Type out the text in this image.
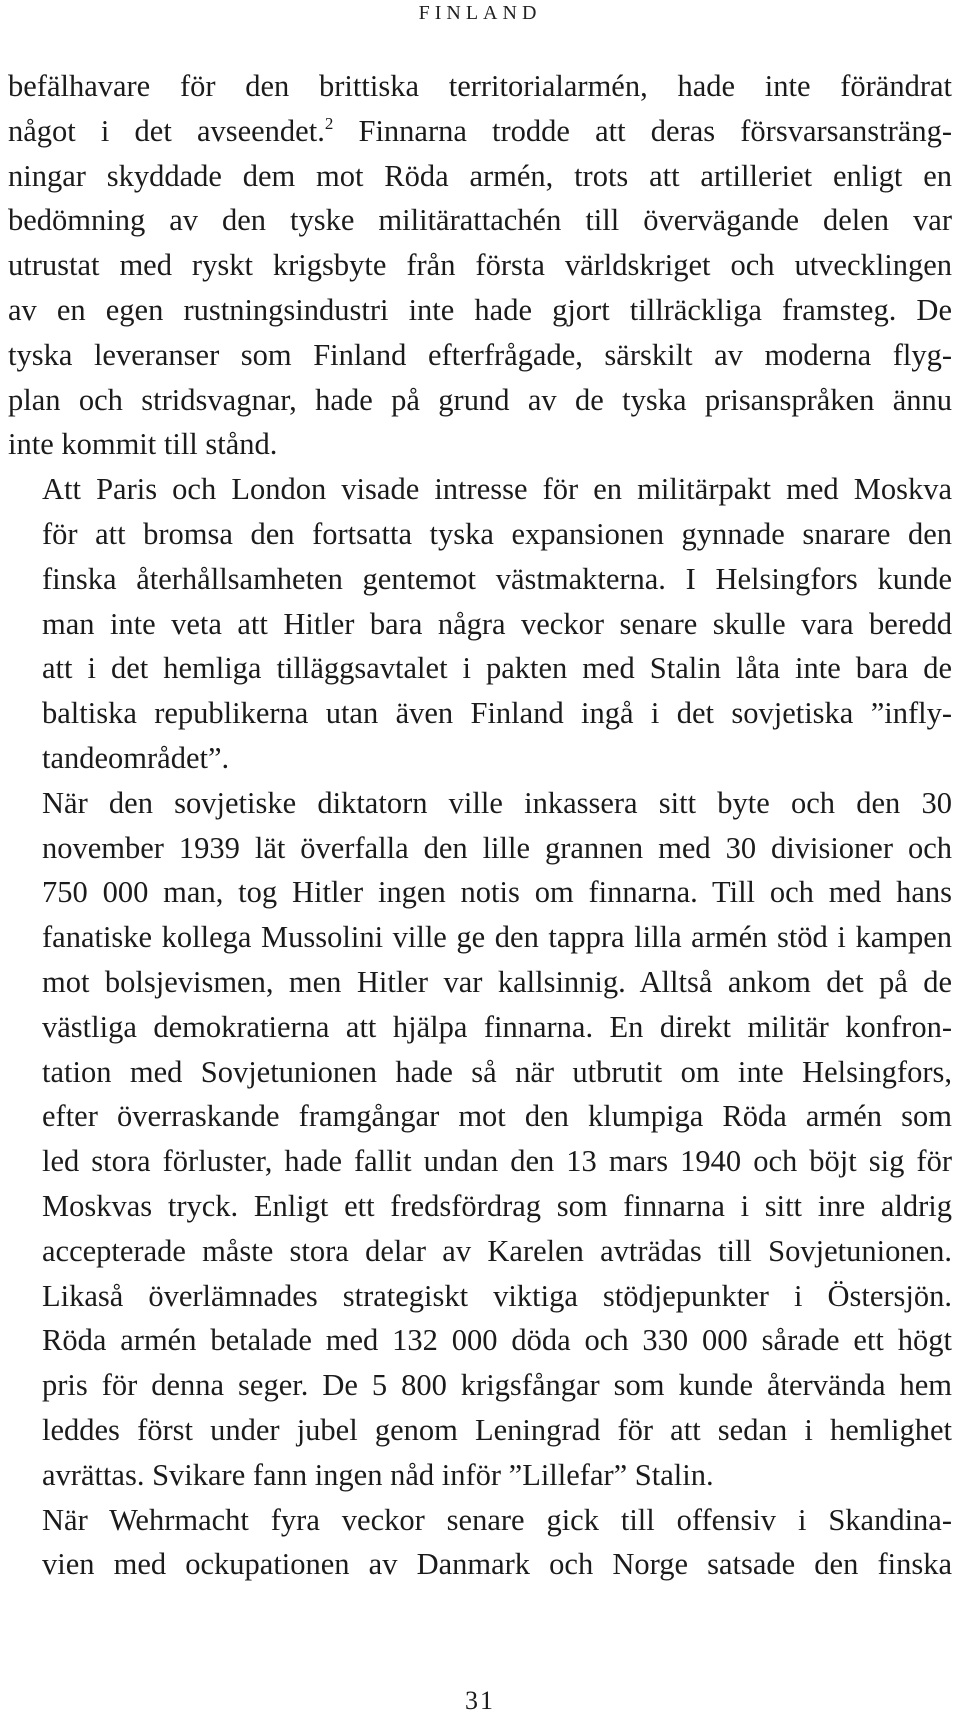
FINLAND

befälhavare för den brittiska territorialarmén, hade inte förändrat
något i det avseendet.$^2$ Finnarna trodde att deras försvarsansträng-
ningar skyddade dem mot Röda armén, trots att artilleriet enligt en
bedömning av den tyske militärattachén till övervägande delen var
utrustat med ryskt krigsbyte från första världskriget och utvecklingen
av en egen rustningsindustri inte hade gjort tillräckliga framsteg. De
tyska leveranser som Finland efterfrågade, särskilt av moderna flyg-
plan och stridsvagnar, hade på grund av de tyska prisanspråken ännu
inte kommit till stånd.

Att Paris och London visade intresse för en militärpakt med Moskva
för att bromsa den fortsatta tyska expansionen gynnade snarare den
finska återhållsamheten gentemot västmakterna. I Helsingfors kunde
man inte veta att Hitler bara några veckor senare skulle vara beredd
att i det hemliga tilläggsavtalet i pakten med Stalin låta inte bara de
baltiska republikerna utan även Finland ingå i det sovjetiska ”infly-
tandeområdet”.

När den sovjetiske diktatorn ville inkassera sitt byte och den 30
november 1939 lät överfalla den lille grannen med 30 divisioner och
750 000 man, tog Hitler ingen notis om finnarna. Till och med hans
fanatiske kollega Mussolini ville ge den tappra lilla armén stöd i kampen
mot bolsjevismen, men Hitler var kallsinnig. Alltså ankom det på de
västliga demokratierna att hjälpa finnarna. En direkt militär konfron-
tation med Sovjetunionen hade så när utbrutit om inte Helsingfors,
efter överraskande framgångar mot den klumpiga Röda armén som
led stora förluster, hade fallit undan den 13 mars 1940 och böjt sig för
Moskvas tryck. Enligt ett fredsfördrag som finnarna i sitt inre aldrig
accepterade måste stora delar av Karelen avträdas till Sovjetunionen.
Likaså överlämnades strategiskt viktiga stödjepunkter i Östersjön.
Röda armén betalade med 132 000 döda och 330 000 sårade ett högt
pris för denna seger. De 5 800 krigsfångar som kunde återvända hem
leddes först under jubel genom Leningrad för att sedan i hemlighet
avrättas. Svikare fann ingen nåd inför ”Lillefar” Stalin.

När Wehrmacht fyra veckor senare gick till offensiv i Skandina-
vien med ockupationen av Danmark och Norge satsade den finska

31
